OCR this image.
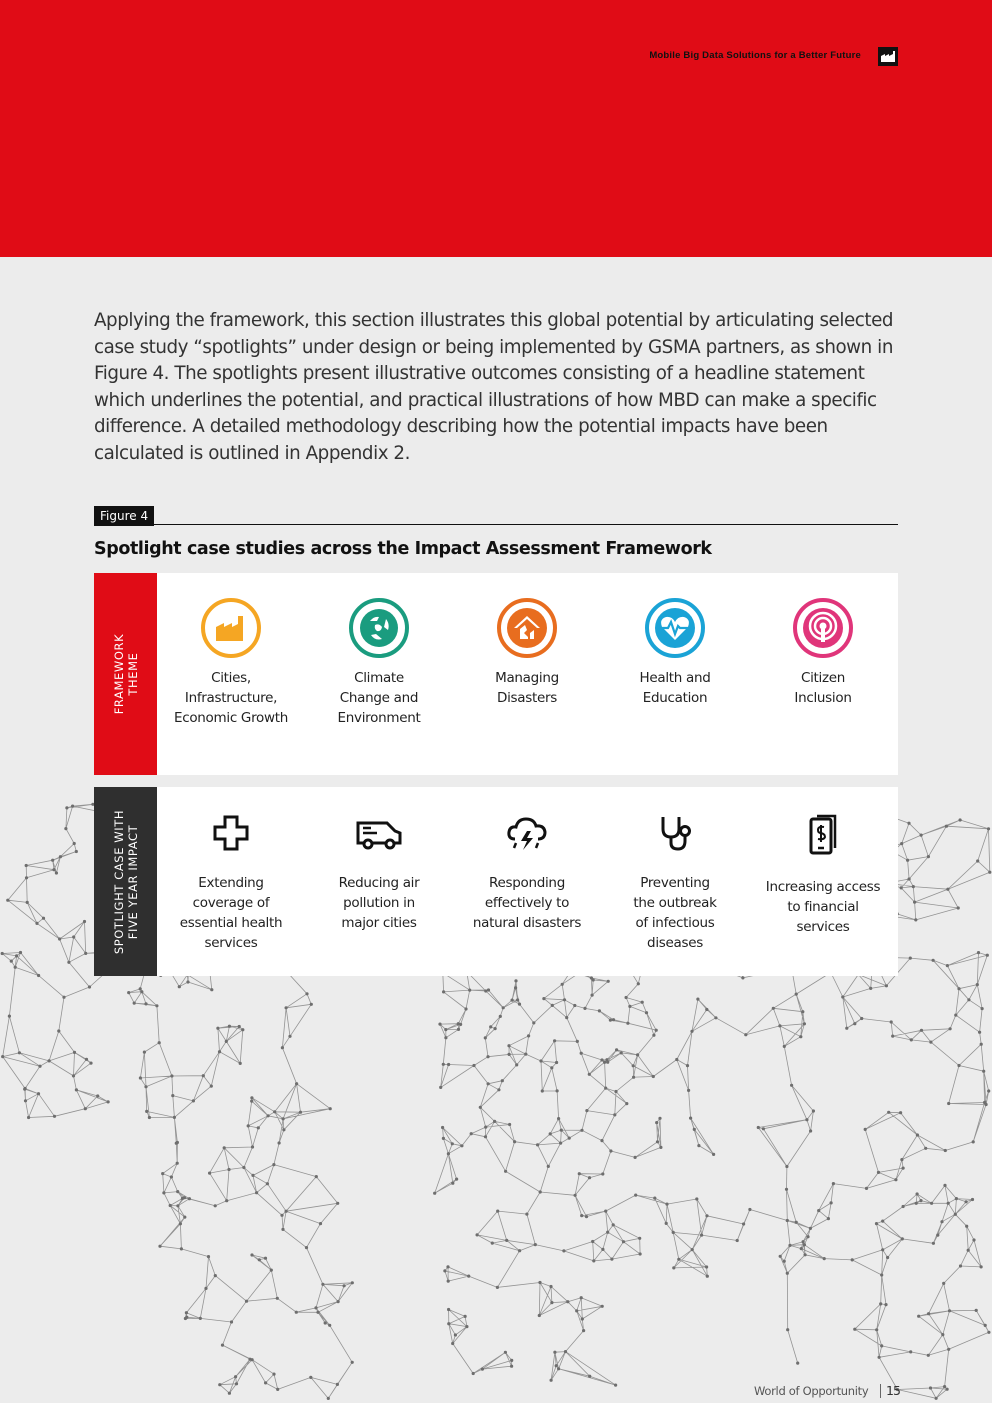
Mobile Big Data Solutions for a Better Future

Applying the framework, this section illustrates this global potential by articulating selected case study “spotlights” under design or being implemented by GSMA partners, as shown in Figure 4. The spotlights present illustrative outcomes consisting of a headline statement which underlines the potential, and practical illustrations of how MBD can make a specific difference. A detailed methodology describing how the potential impacts have been calculated is outlined in Appendix 2.

Figure 4
Spotlight case studies across the Impact Assessment Framework
FRAMEWORK
THEME	Cities,
Infrastructure,
Economic Growth
Climate
Change and
Environment
Managing
Disasters
Health and
Education
Citizen
Inclusion
SPOTLIGHT CASE WITH
FIVE YEAR IMPACT
Extending
coverage of
essential health
services
Reducing air
pollution in
major cities
Responding
effectively to
natural disasters
Preventing
the outbreak
of infectious
diseases
Increasing access
to financial
services
World of Opportunity 15
